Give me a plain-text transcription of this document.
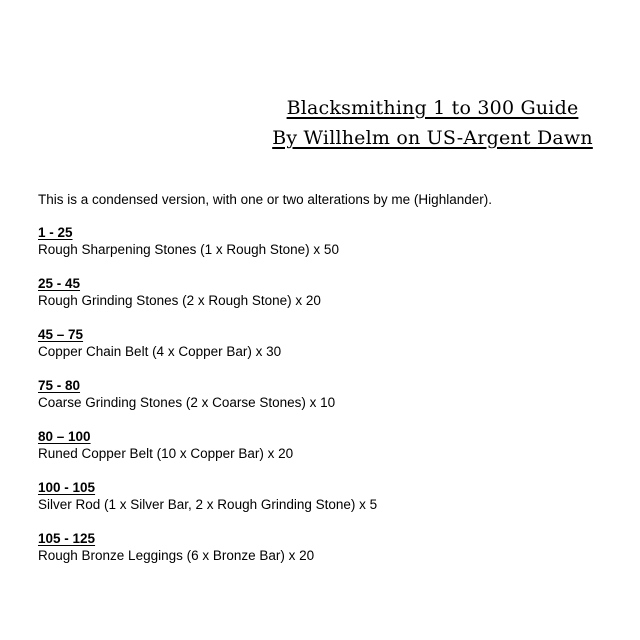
Blacksmithing 1 to 300 Guide
By Willhelm on US-Argent Dawn
This is a condensed version, with one or two alterations by me (Highlander).
1 - 25
Rough Sharpening Stones (1 x Rough Stone) x 50
25 - 45
Rough Grinding Stones (2 x Rough Stone) x 20
45 – 75
Copper Chain Belt (4 x Copper Bar) x 30
75 - 80
Coarse Grinding Stones (2 x Coarse Stones) x 10
80 – 100
Runed Copper Belt (10 x Copper Bar) x 20
100 - 105
Silver Rod (1 x Silver Bar, 2 x Rough Grinding Stone) x 5
105 - 125
Rough Bronze Leggings (6 x Bronze Bar) x 20
